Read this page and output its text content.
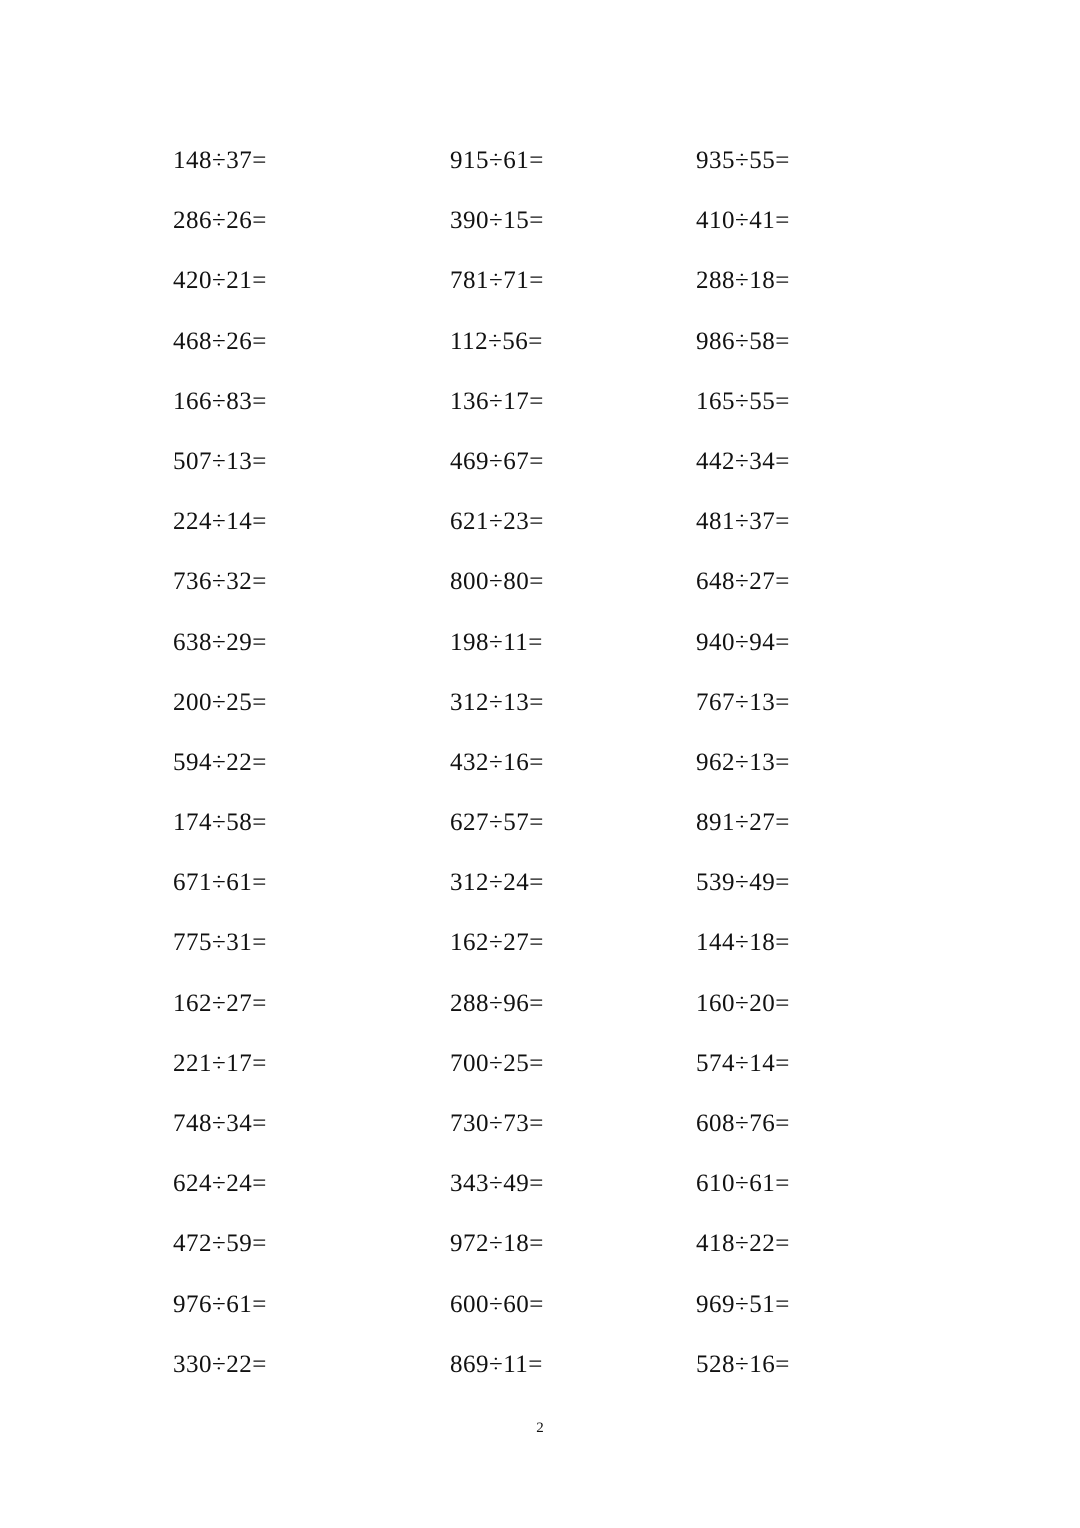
148÷37=	915÷61=	935÷55=
286÷26=	390÷15=	410÷41=
420÷21=	781÷71=	288÷18=
468÷26=	112÷56=	986÷58=
166÷83=	136÷17=	165÷55=
507÷13=	469÷67=	442÷34=
224÷14=	621÷23=	481÷37=
736÷32=	800÷80=	648÷27=
638÷29=	198÷11=	940÷94=
200÷25=	312÷13=	767÷13=
594÷22=	432÷16=	962÷13=
174÷58=	627÷57=	891÷27=
671÷61=	312÷24=	539÷49=
775÷31=	162÷27=	144÷18=
162÷27=	288÷96=	160÷20=
221÷17=	700÷25=	574÷14=
748÷34=	730÷73=	608÷76=
624÷24=	343÷49=	610÷61=
472÷59=	972÷18=	418÷22=
976÷61=	600÷60=	969÷51=
330÷22=	869÷11=	528÷16=
2
